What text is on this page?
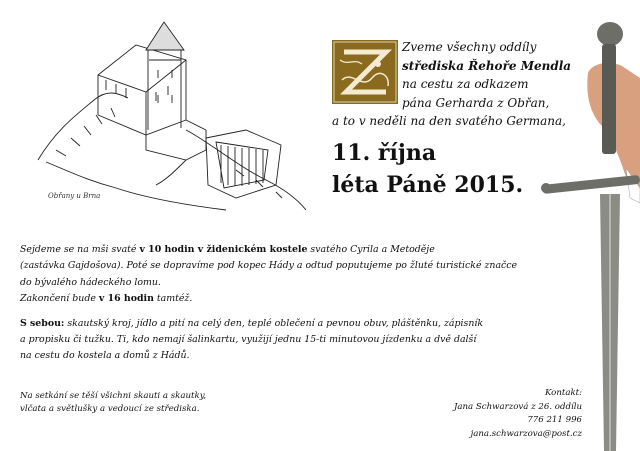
Obřany u Brna
Zveme všechny oddíly
střediska Řehoře Mendla
na cestu za odkazem
pána Gerharda z Obřan,
a to v neděli na den svatého Germana,
11. října
léta Páně 2015.
Sejdeme se na mši svaté v 10 hodin v židenickém kostele svatého Cyrila a Metoděje
(zastávka Gajdošova). Poté se dopravíme pod kopec Hády a odtud poputujeme po žluté turistické značce
do bývalého hádeckého lomu.
Zakončení bude v 16 hodin tamtéž.
S sebou: skautský kroj, jídlo a pití na celý den, teplé oblečení a pevnou obuv, pláštěnku, zápisník
a propisku či tužku. Ti, kdo nemají šalinkartu, využijí jednu 15-ti minutovou jízdenku a dvě další
na cestu do kostela a domů z Hádů.
Na setkání se těší všichni skauti a skautky,
vlčata a světlušky a vedoucí ze střediska.
Kontakt:
Jana Schwarzová z 26. oddílu
776 211 996
jana.schwarzova@post.cz
